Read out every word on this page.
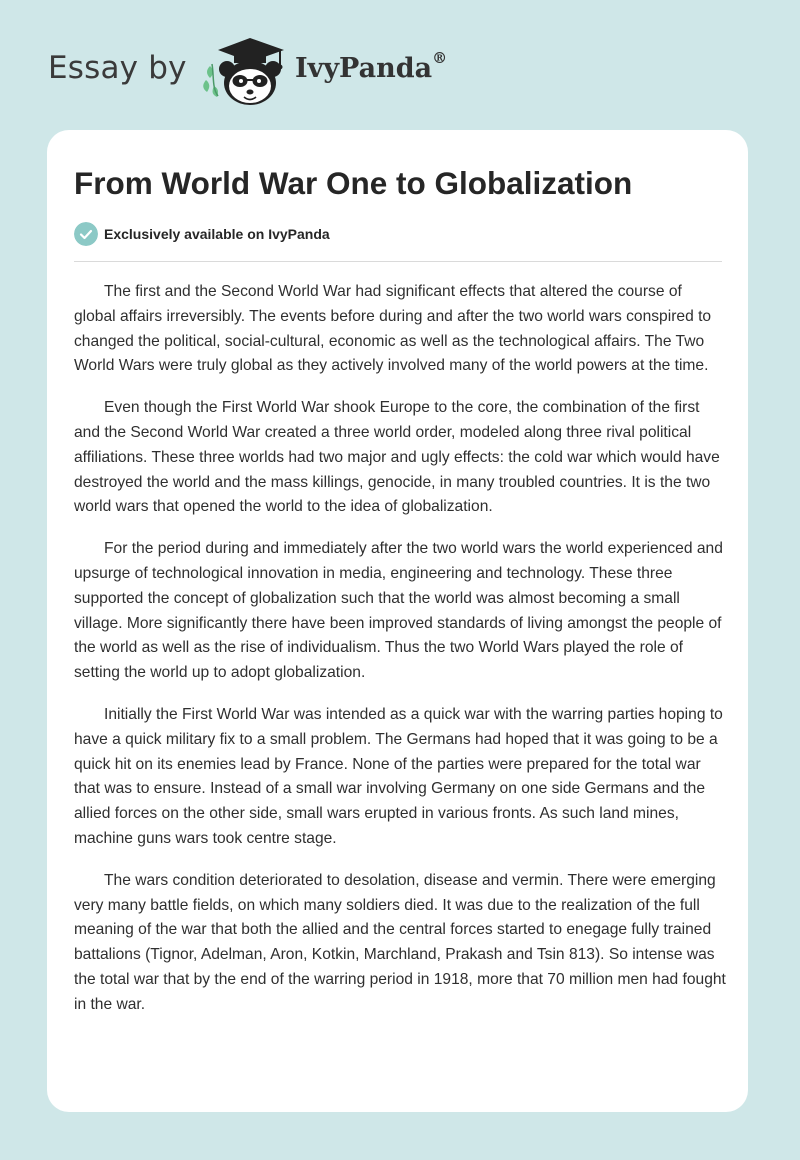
Essay by	IvyPanda®
From World War One to Globalization
Exclusively available on IvyPanda

The first and the Second World War had significant effects that altered the course of global affairs irreversibly. The events before during and after the two world wars conspired to changed the political, social-cultural, economic as well as the technological affairs. The Two World Wars were truly global as they actively involved many of the world powers at the time.

Even though the First World War shook Europe to the core, the combination of the first and the Second World War created a three world order, modeled along three rival political affiliations. These three worlds had two major and ugly effects: the cold war which would have destroyed the world and the mass killings, genocide, in many troubled countries. It is the two world wars that opened the world to the idea of globalization.

For the period during and immediately after the two world wars the world experienced and upsurge of technological innovation in media, engineering and technology. These three supported the concept of globalization such that the world was almost becoming a small village. More significantly there have been improved standards of living amongst the people of the world as well as the rise of individualism. Thus the two World Wars played the role of setting the world up to adopt globalization.

Initially the First World War was intended as a quick war with the warring parties hoping to have a quick military fix to a small problem. The Germans had hoped that it was going to be a quick hit on its enemies lead by France. None of the parties were prepared for the total war that was to ensure. Instead of a small war involving Germany on one side Germans and the allied forces on the other side, small wars erupted in various fronts. As such land mines, machine guns wars took centre stage.

The wars condition deteriorated to desolation, disease and vermin. There were emerging very many battle fields, on which many soldiers died. It was due to the realization of the full meaning of the war that both the allied and the central forces started to enegage fully trained battalions (Tignor, Adelman, Aron, Kotkin, Marchland, Prakash and Tsin 813). So intense was the total war that by the end of the warring period in 1918, more that 70 million men had fought in the war.
